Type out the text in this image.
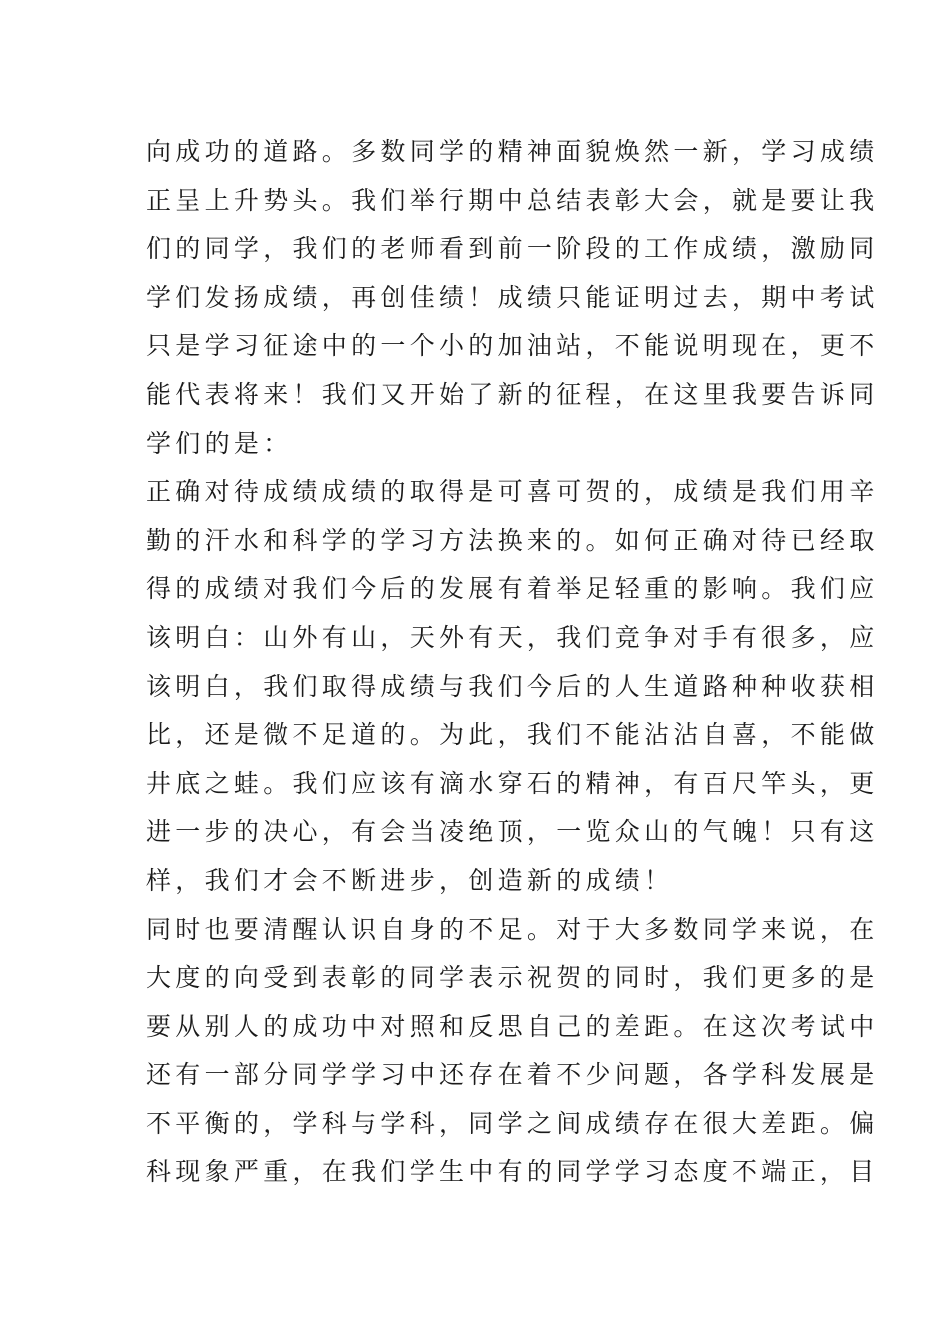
向成功的道路。多数同学的精神面貌焕然一新，学习成绩
正呈上升势头。我们举行期中总结表彰大会，就是要让我
们的同学，我们的老师看到前一阶段的工作成绩，激励同
学们发扬成绩，再创佳绩！成绩只能证明过去，期中考试
只是学习征途中的一个小的加油站，不能说明现在，更不
能代表将来！我们又开始了新的征程，在这里我要告诉同
学们的是：
正确对待成绩成绩的取得是可喜可贺的，成绩是我们用辛
勤的汗水和科学的学习方法换来的。如何正确对待已经取
得的成绩对我们今后的发展有着举足轻重的影响。我们应
该明白：山外有山，天外有天，我们竞争对手有很多，应
该明白，我们取得成绩与我们今后的人生道路种种收获相
比，还是微不足道的。为此，我们不能沾沾自喜，不能做
井底之蛙。我们应该有滴水穿石的精神，有百尺竿头，更
进一步的决心，有会当凌绝顶，一览众山的气魄！只有这
样，我们才会不断进步，创造新的成绩！
同时也要清醒认识自身的不足。对于大多数同学来说，在
大度的向受到表彰的同学表示祝贺的同时，我们更多的是
要从别人的成功中对照和反思自己的差距。在这次考试中
还有一部分同学学习中还存在着不少问题，各学科发展是
不平衡的，学科与学科，同学之间成绩存在很大差距。偏
科现象严重，在我们学生中有的同学学习态度不端正，目
